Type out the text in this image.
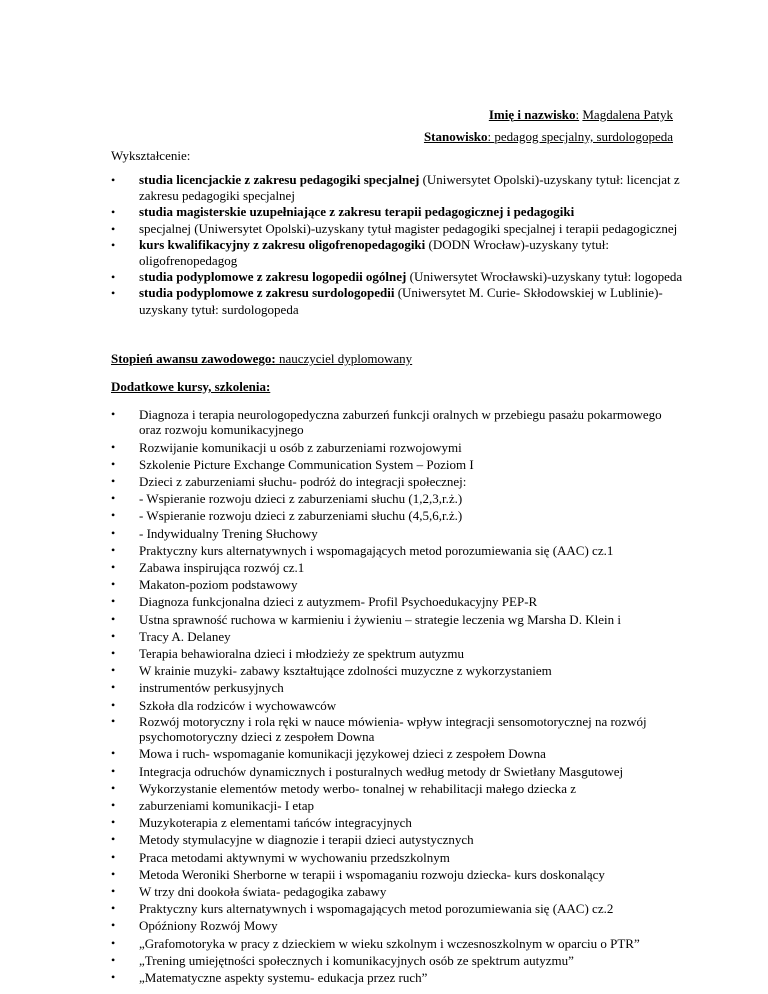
Imię i nazwisko: Magdalena Patyk
Stanowisko: pedagog specjalny, surdologopeda
Wykształcenie:
• studia licencjackie z zakresu pedagogiki specjalnej (Uniwersytet Opolski)-uzyskany tytuł: licencjat z zakresu pedagogiki specjalnej
• studia magisterskie uzupełniające z zakresu terapii pedagogicznej i pedagogiki
• specjalnej (Uniwersytet Opolski)-uzyskany tytuł magister pedagogiki specjalnej i terapii pedagogicznej
• kurs kwalifikacyjny z zakresu oligofrenopedagogiki (DODN Wrocław)-uzyskany tytuł: oligofrenopedagog
• studia podyplomowe z zakresu logopedii ogólnej (Uniwersytet Wrocławski)-uzyskany tytuł: logopeda
• studia podyplomowe z zakresu surdologopedii (Uniwersytet M. Curie- Skłodowskiej w Lublinie)-uzyskany tytuł: surdologopeda
Stopień awansu zawodowego: nauczyciel dyplomowany
Dodatkowe kursy, szkolenia:
• Diagnoza i terapia neurologopedyczna zaburzeń funkcji oralnych w przebiegu pasażu pokarmowego oraz rozwoju komunikacyjnego
• Rozwijanie komunikacji u osób z zaburzeniami rozwojowymi
• Szkolenie Picture Exchange Communication System – Poziom I
• Dzieci z zaburzeniami słuchu- podróż do integracji społecznej:
• - Wspieranie rozwoju dzieci z zaburzeniami słuchu (1,2,3,r.ż.)
• - Wspieranie rozwoju dzieci z zaburzeniami słuchu (4,5,6,r.ż.)
• - Indywidualny Trening Słuchowy
• Praktyczny kurs alternatywnych i wspomagających metod porozumiewania się (AAC) cz.1
• Zabawa inspirująca rozwój cz.1
• Makaton-poziom podstawowy
• Diagnoza funkcjonalna dzieci z autyzmem- Profil Psychoedukacyjny PEP-R
• Ustna sprawność ruchowa w karmieniu i żywieniu – strategie leczenia wg Marsha D. Klein i
• Tracy A. Delaney
• Terapia behawioralna dzieci i młodzieży ze spektrum autyzmu
• W krainie muzyki- zabawy kształtujące zdolności muzyczne z wykorzystaniem
• instrumentów perkusyjnych
• Szkoła dla rodziców i wychowawców
• Rozwój motoryczny i rola ręki w nauce mówienia- wpływ integracji sensomotorycznej na rozwój psychomotoryczny dzieci z zespołem Downa
• Mowa i ruch- wspomaganie komunikacji językowej dzieci z zespołem Downa
• Integracja odruchów dynamicznych i posturalnych według metody dr Swietłany Masgutowej
• Wykorzystanie elementów metody werbo- tonalnej w rehabilitacji małego dziecka z
• zaburzeniami komunikacji- I etap
• Muzykoterapia z elementami tańców integracyjnych
• Metody stymulacyjne w diagnozie i terapii dzieci autystycznych
• Praca metodami aktywnymi w wychowaniu przedszkolnym
• Metoda Weroniki Sherborne w terapii i wspomaganiu rozwoju dziecka- kurs doskonalący
• W trzy dni dookoła świata- pedagogika zabawy
• Praktyczny kurs alternatywnych i wspomagających metod porozumiewania się (AAC) cz.2
• Opóźniony Rozwój Mowy
• „Grafomotoryka w pracy z dzieckiem w wieku szkolnym i wczesnoszkolnym w oparciu o PTR”
• „Trening umiejętności społecznych i komunikacyjnych osób ze spektrum autyzmu”
• „Matematyczne aspekty systemu- edukacja przez ruch”
